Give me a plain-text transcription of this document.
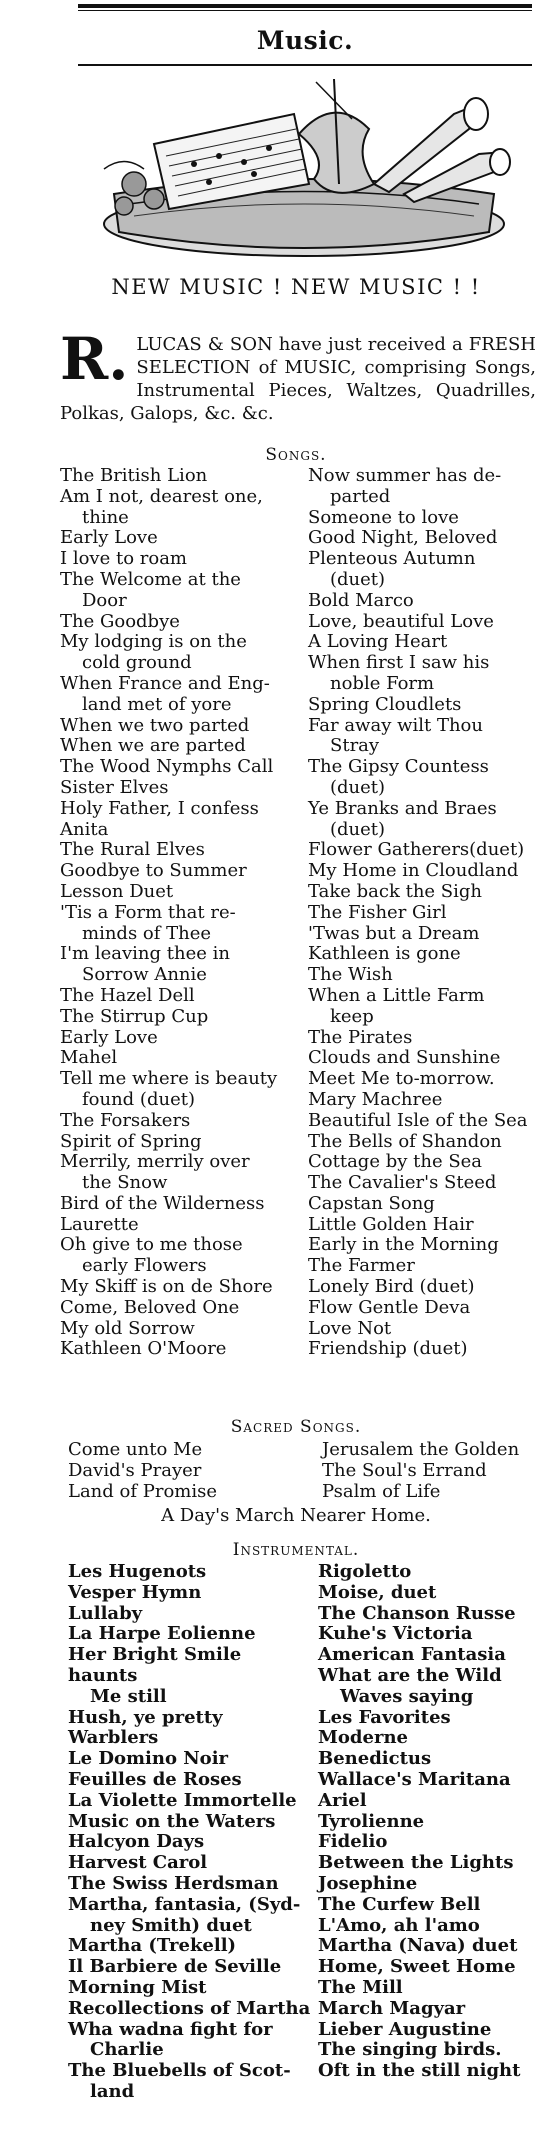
Music.
NEW MUSIC ! NEW MUSIC ! !
R. LUCAS & SON have just received a FRESH SELECTION of MUSIC, comprising Songs, Instrumental Pieces, Waltzes, Quadrilles, Polkas, Galops, &c. &c.
Songs.
The British Lion
Am I not, dearest one,
thine
Early Love
I love to roam
The Welcome at the
Door
The Goodbye
My lodging is on the
cold ground
When France and Eng-
land met of yore
When we two parted
When we are parted
The Wood Nymphs Call
Sister Elves
Holy Father, I confess
Anita
The Rural Elves
Goodbye to Summer
Lesson Duet
'Tis a Form that re-
minds of Thee
I'm leaving thee in
Sorrow Annie
The Hazel Dell
The Stirrup Cup
Early Love
Mahel
Tell me where is beauty
found (duet)
The Forsakers
Spirit of Spring
Merrily, merrily over
the Snow
Bird of the Wilderness
Laurette
Oh give to me those
early Flowers
My Skiff is on de Shore
Come, Beloved One
My old Sorrow
Kathleen O'Moore
Now summer has de-
parted
Someone to love
Good Night, Beloved
Plenteous Autumn
(duet)
Bold Marco
Love, beautiful Love
A Loving Heart
When first I saw his
noble Form
Spring Cloudlets
Far away wilt Thou
Stray
The Gipsy Countess
(duet)
Ye Branks and Braes
(duet)
Flower Gatherers(duet)
My Home in Cloudland
Take back the Sigh
The Fisher Girl
'Twas but a Dream
Kathleen is gone
The Wish
When a Little Farm
keep
The Pirates
Clouds and Sunshine
Meet Me to-morrow.
Mary Machree
Beautiful Isle of the Sea
The Bells of Shandon
Cottage by the Sea
The Cavalier's Steed
Capstan Song
Little Golden Hair
Early in the Morning
The Farmer
Lonely Bird (duet)
Flow Gentle Deva
Love Not
Friendship (duet)
Sacred Songs.
Come unto Me
David's Prayer
Land of Promise
Jerusalem the Golden
The Soul's Errand
Psalm of Life
A Day's March Nearer Home.
Instrumental.
Les Hugenots
Vesper Hymn
Lullaby
La Harpe Eolienne
Her Bright Smile haunts
Me still
Hush, ye pretty Warblers
Le Domino Noir
Feuilles de Roses
La Violette Immortelle
Music on the Waters
Halcyon Days
Harvest Carol
The Swiss Herdsman
Martha, fantasia, (Syd-
ney Smith) duet
Martha (Trekell)
Il Barbiere de Seville
Morning Mist
Recollections of Martha
Wha wadna fight for
Charlie
The Bluebells of Scot-
land
Rigoletto
Moise, duet
The Chanson Russe
Kuhe's Victoria
American Fantasia
What are the Wild
Waves saying
Les Favorites Moderne
Benedictus
Wallace's Maritana
Ariel
Tyrolienne
Fidelio
Between the Lights
Josephine
The Curfew Bell
L'Amo, ah l'amo
Martha (Nava) duet
Home, Sweet Home
The Mill
March Magyar
Lieber Augustine
The singing birds.
Oft in the still night
